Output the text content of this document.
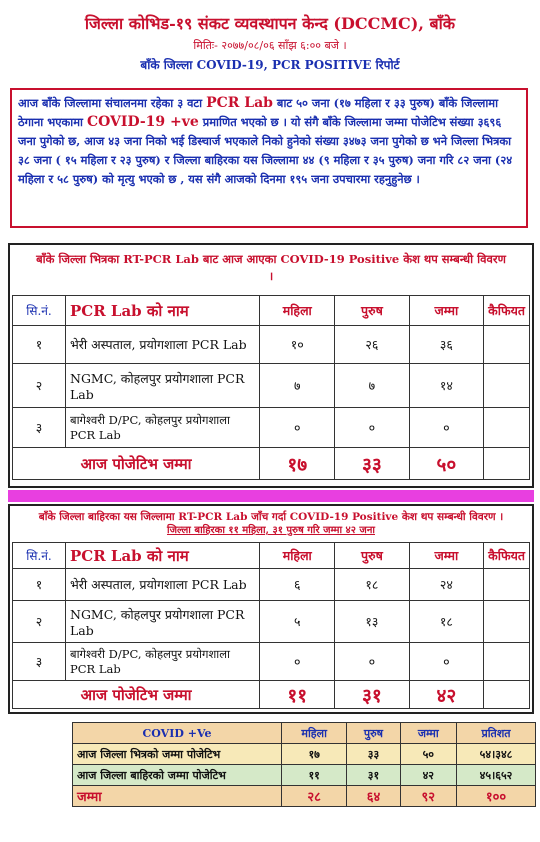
जिल्ला कोभिड-१९ संकट व्यवस्थापन केन्द (DCCMC), बाँके
मितिः- २०७७/०८/०६ साँझ ६:०० बजे ।
बाँके जिल्ला COVID-19, PCR POSITIVE रिपोर्ट
आज बाँके जिल्लामा संचालनमा रहेका ३ वटा PCR Lab बाट ५० जना (१७ महिला र ३३ पुरुष) बाँके जिल्लामा ठेगाना भएकामा COVID-19 +ve प्रमाणित भएको छ । यो संगै बाँके जिल्लामा जम्मा पोजेटिभ संख्या ३६९६ जना पुगेको छ, आज ४३ जना निको भई डिस्चार्ज भएकाले निको हुनेको संख्या ३४७३ जना पुगेको छ भने जिल्ला भित्रका ३८ जना ( १५ महिला र २३ पुरुष) र जिल्ला बाहिरका यस जिल्लामा ४४ (९ महिला र ३५ पुरुष) जना गरि ८२ जना (२४ महिला र ५८ पुरुष) को मृत्यु भएको छ , यस संगै आजको दिनमा १९५ जना उपचारमा रहनुहुनेछ ।
बाँके जिल्ला भित्रका RT-PCR Lab बाट आज आएका COVID-19 Positive केश थप सम्बन्धी विवरण
।
सि.नं.	PCR Lab को नाम	महिला	पुरुष	जम्मा	कैफियत
१	भेरी अस्पताल, प्रयोगशाला PCR Lab	१०	२६	३६	
२	NGMC, कोहलपुर प्रयोगशाला PCR Lab	७	७	१४	
३	बागेश्वरी D/PC, कोहलपुर प्रयोगशाला PCR Lab	०	०	०	
आज पोजेटिभ जम्मा		१७	३३	५०	
बाँके जिल्ला बाहिरका यस जिल्लामा RT-PCR Lab जाँच गर्दा COVID-19 Positive केश थप सम्बन्धी विवरण ।
जिल्ला बाहिरका ११ महिला, ३१ पुरुष गरि जम्मा ४२ जना
सि.नं.	PCR Lab को नाम	महिला	पुरुष	जम्मा	कैफियत
१	भेरी अस्पताल, प्रयोगशाला PCR Lab	६	१८	२४	
२	NGMC, कोहलपुर प्रयोगशाला PCR Lab	५	१३	१८	
३	बागेश्वरी D/PC, कोहलपुर प्रयोगशाला PCR Lab	०	०	०	
आज पोजेटिभ जम्मा		११	३१	४२	
COVID +Ve	महिला	पुरुष	जम्मा	प्रतिशत
आज जिल्ला भित्रको जम्मा पोजेटिभ	१७	३३	५०	५४।३४८
आज जिल्ला बाहिरको जम्मा पोजेटिभ	११	३१	४२	४५।६५२
जम्मा	२८	६४	९२	१००
